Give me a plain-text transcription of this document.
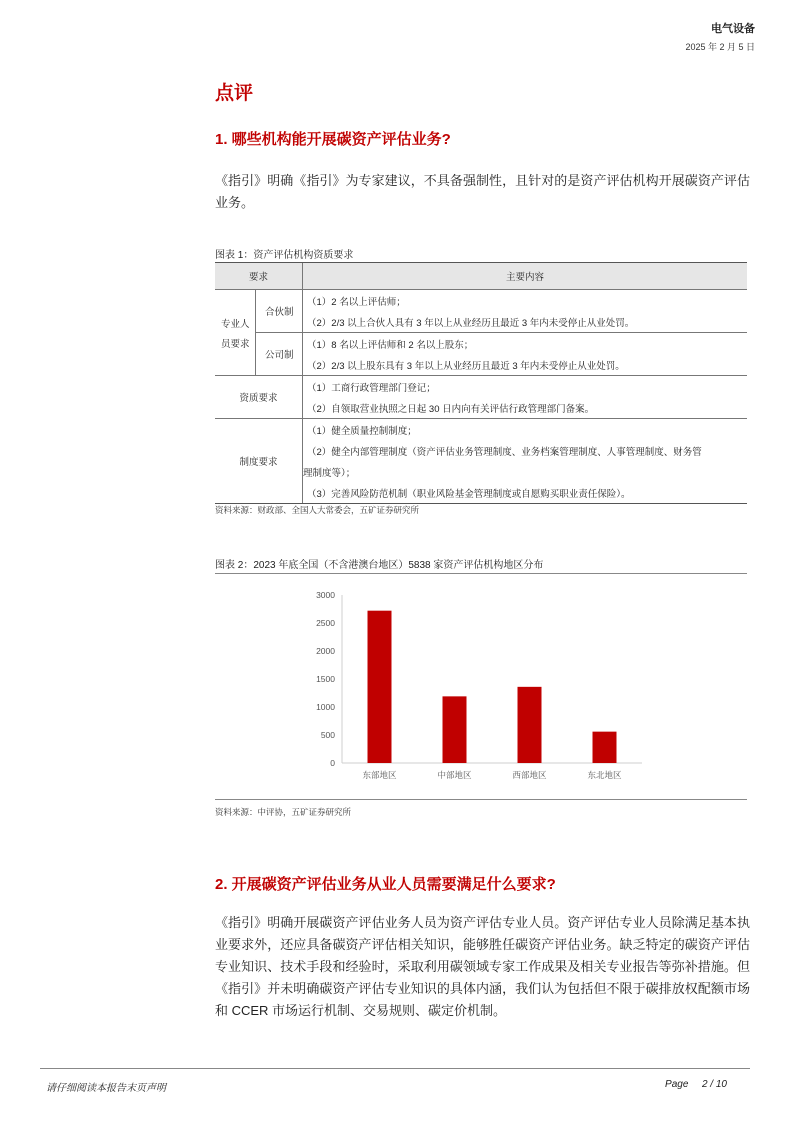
电气设备
2025 年 2 月 5 日
点评
1. 哪些机构能开展碳资产评估业务?
《指引》明确《指引》为专家建议，不具备强制性，且针对的是资产评估机构开展碳资产评估业务。
图表 1：资产评估机构资质要求
要求		主要内容

专业人
员要求	合伙制	（1）2 名以上评估师；
		（2）2/3 以上合伙人具有 3 年以上从业经历且最近 3 年内未受停止从业处罚。
	公司制	（1）8 名以上评估师和 2 名以上股东；
		（2）2/3 以上股东具有 3 年以上从业经历且最近 3 年内未受停止从业处罚。
资质要求		（1）工商行政管理部门登记；
		（2）自领取营业执照之日起 30 日内向有关评估行政管理部门备案。
制度要求		（1）健全质量控制制度；
		（2）健全内部管理制度（资产评估业务管理制度、业务档案管理制度、人事管理制度、财务管
		理制度等）；
		（3）完善风险防范机制（职业风险基金管理制度或自愿购买职业责任保险）。
资料来源：财政部、全国人大常委会，五矿证券研究所
图表 2：2023 年底全国（不含港澳台地区）5838 家资产评估机构地区分布
0
500
1000
1500
2000
2500
3000
东部地区	中部地区	西部地区	东北地区
资料来源：中评协，五矿证券研究所
2. 开展碳资产评估业务从业人员需要满足什么要求?
《指引》明确开展碳资产评估业务人员为资产评估专业人员。资产评估专业人员除满足基本执业要求外，还应具备碳资产评估相关知识，能够胜任碳资产评估业务。缺乏特定的碳资产评估专业知识、技术手段和经验时，采取利用碳领域专家工作成果及相关专业报告等弥补措施。但《指引》并未明确碳资产评估专业知识的具体内涵，我们认为包括但不限于碳排放权配额市场和 CCER 市场运行机制、交易规则、碳定价机制。
请仔细阅读本报告末页声明	Page 2 / 10
